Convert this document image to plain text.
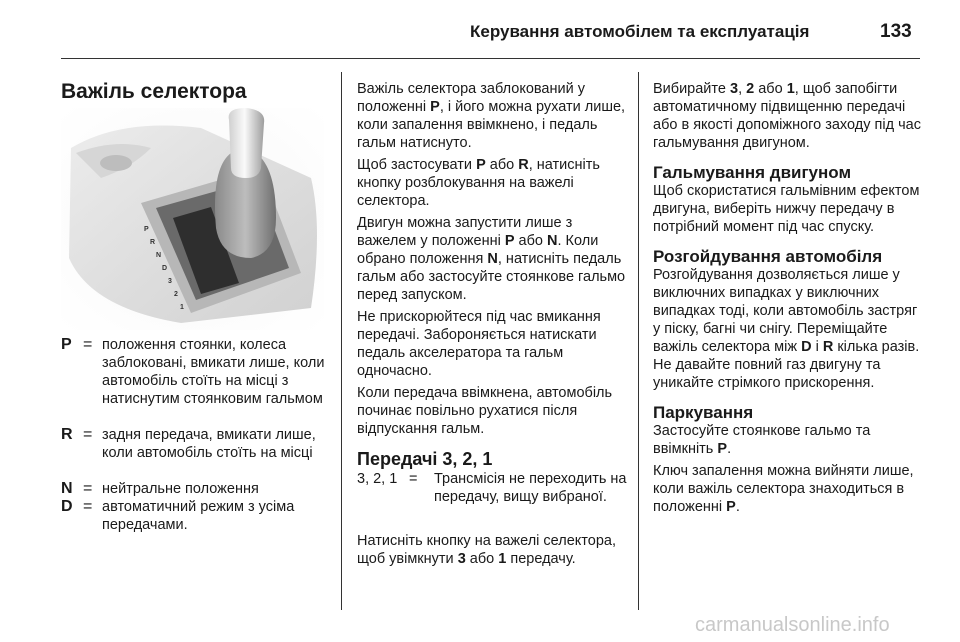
Керування автомобілем та експлуатація	133
Важіль селектора
P
R
N
D
3
2
1
P = положення стоянки, колеса заблоковані, вмикати лише, коли автомобіль стоїть на місці з натиснутим стоянковим гальмом
R = задня передача, вмикати лише, коли автомобіль стоїть на місці
N = нейтральне положення
D = автоматичний режим з усіма передачами.

Важіль селектора заблокований у положенні P, і його можна рухати лише, коли запалення ввімкнено, і педаль гальм натиснуто.

Щоб застосувати P або R, натисніть кнопку розблокування на важелі селектора.

Двигун можна запустити лише з важелем у положенні P або N. Коли обрано положення N, натисніть педаль гальм або застосуйте стоянкове гальмо перед запуском.

Не прискорюйтеся під час вмикання передачі. Забороняється натискати педаль акселератора та гальм одночасно.

Коли передача ввімкнена, автомобіль починає повільно рухатися після відпускання гальм.

Передачі 3, 2, 1
3, 2, 1 = Трансмісія не переходить на передачу, вищу вибраної.

Натисніть кнопку на важелі селектора, щоб увімкнути 3 або 1 передачу.

Вибирайте 3, 2 або 1, щоб запобігти автоматичному підвищенню передачі або в якості допоміжного заходу під час гальмування двигуном.

Гальмування двигуном

Щоб скористатися гальмівним ефектом двигуна, виберіть нижчу передачу в потрібний момент під час спуску.

Розгойдування автомобіля

Розгойдування дозволяється лише у виключних випадках у виключних випадках тоді, коли автомобіль застряг у піску, багні чи снігу. Переміщайте важіль селектора між D і R кілька разів. Не давайте повний газ двигуну та уникайте стрімкого прискорення.

Паркування

Застосуйте стоянкове гальмо та ввімкніть P.

Ключ запалення можна вийняти лише, коли важіль селектора знаходиться в положенні P.

carmanualsonline.info
